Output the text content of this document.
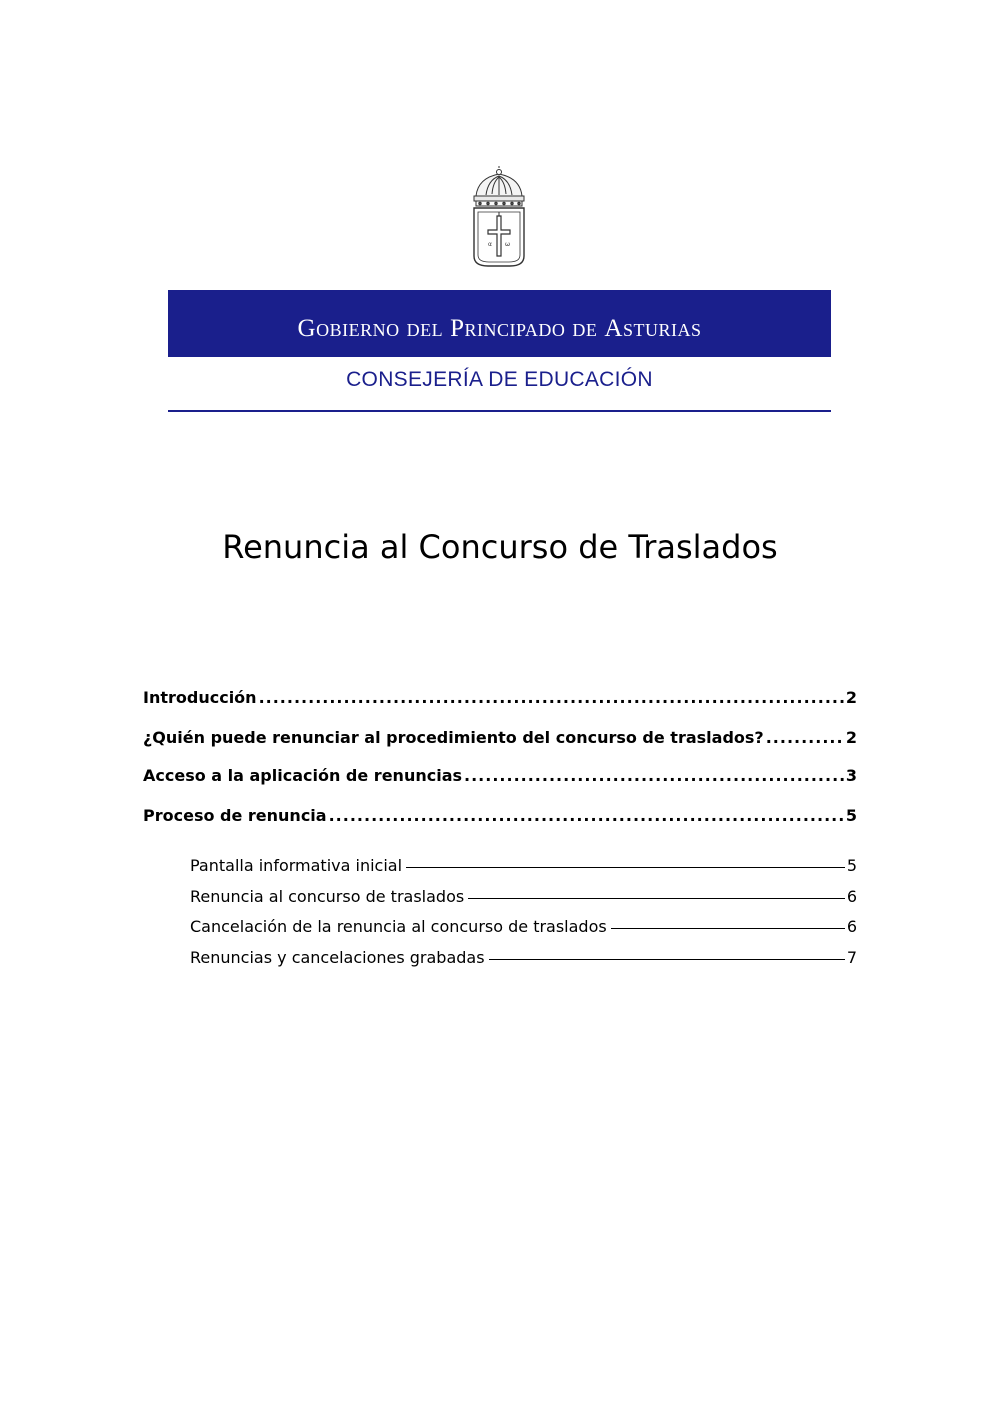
α ω
gobierno del principado de asturias
CONSEJERÍA DE EDUCACIÓN
Renuncia al Concurso de Traslados
Introducción .....	2
¿Quién puede renunciar al procedimiento del concurso de traslados? .....	2
Acceso a la aplicación de renuncias .....	3
Proceso de renuncia .....	5
Pantalla informativa inicial	5
Renuncia al concurso de traslados	6
Cancelación de la renuncia al concurso de traslados	6
Renuncias y cancelaciones grabadas	7
